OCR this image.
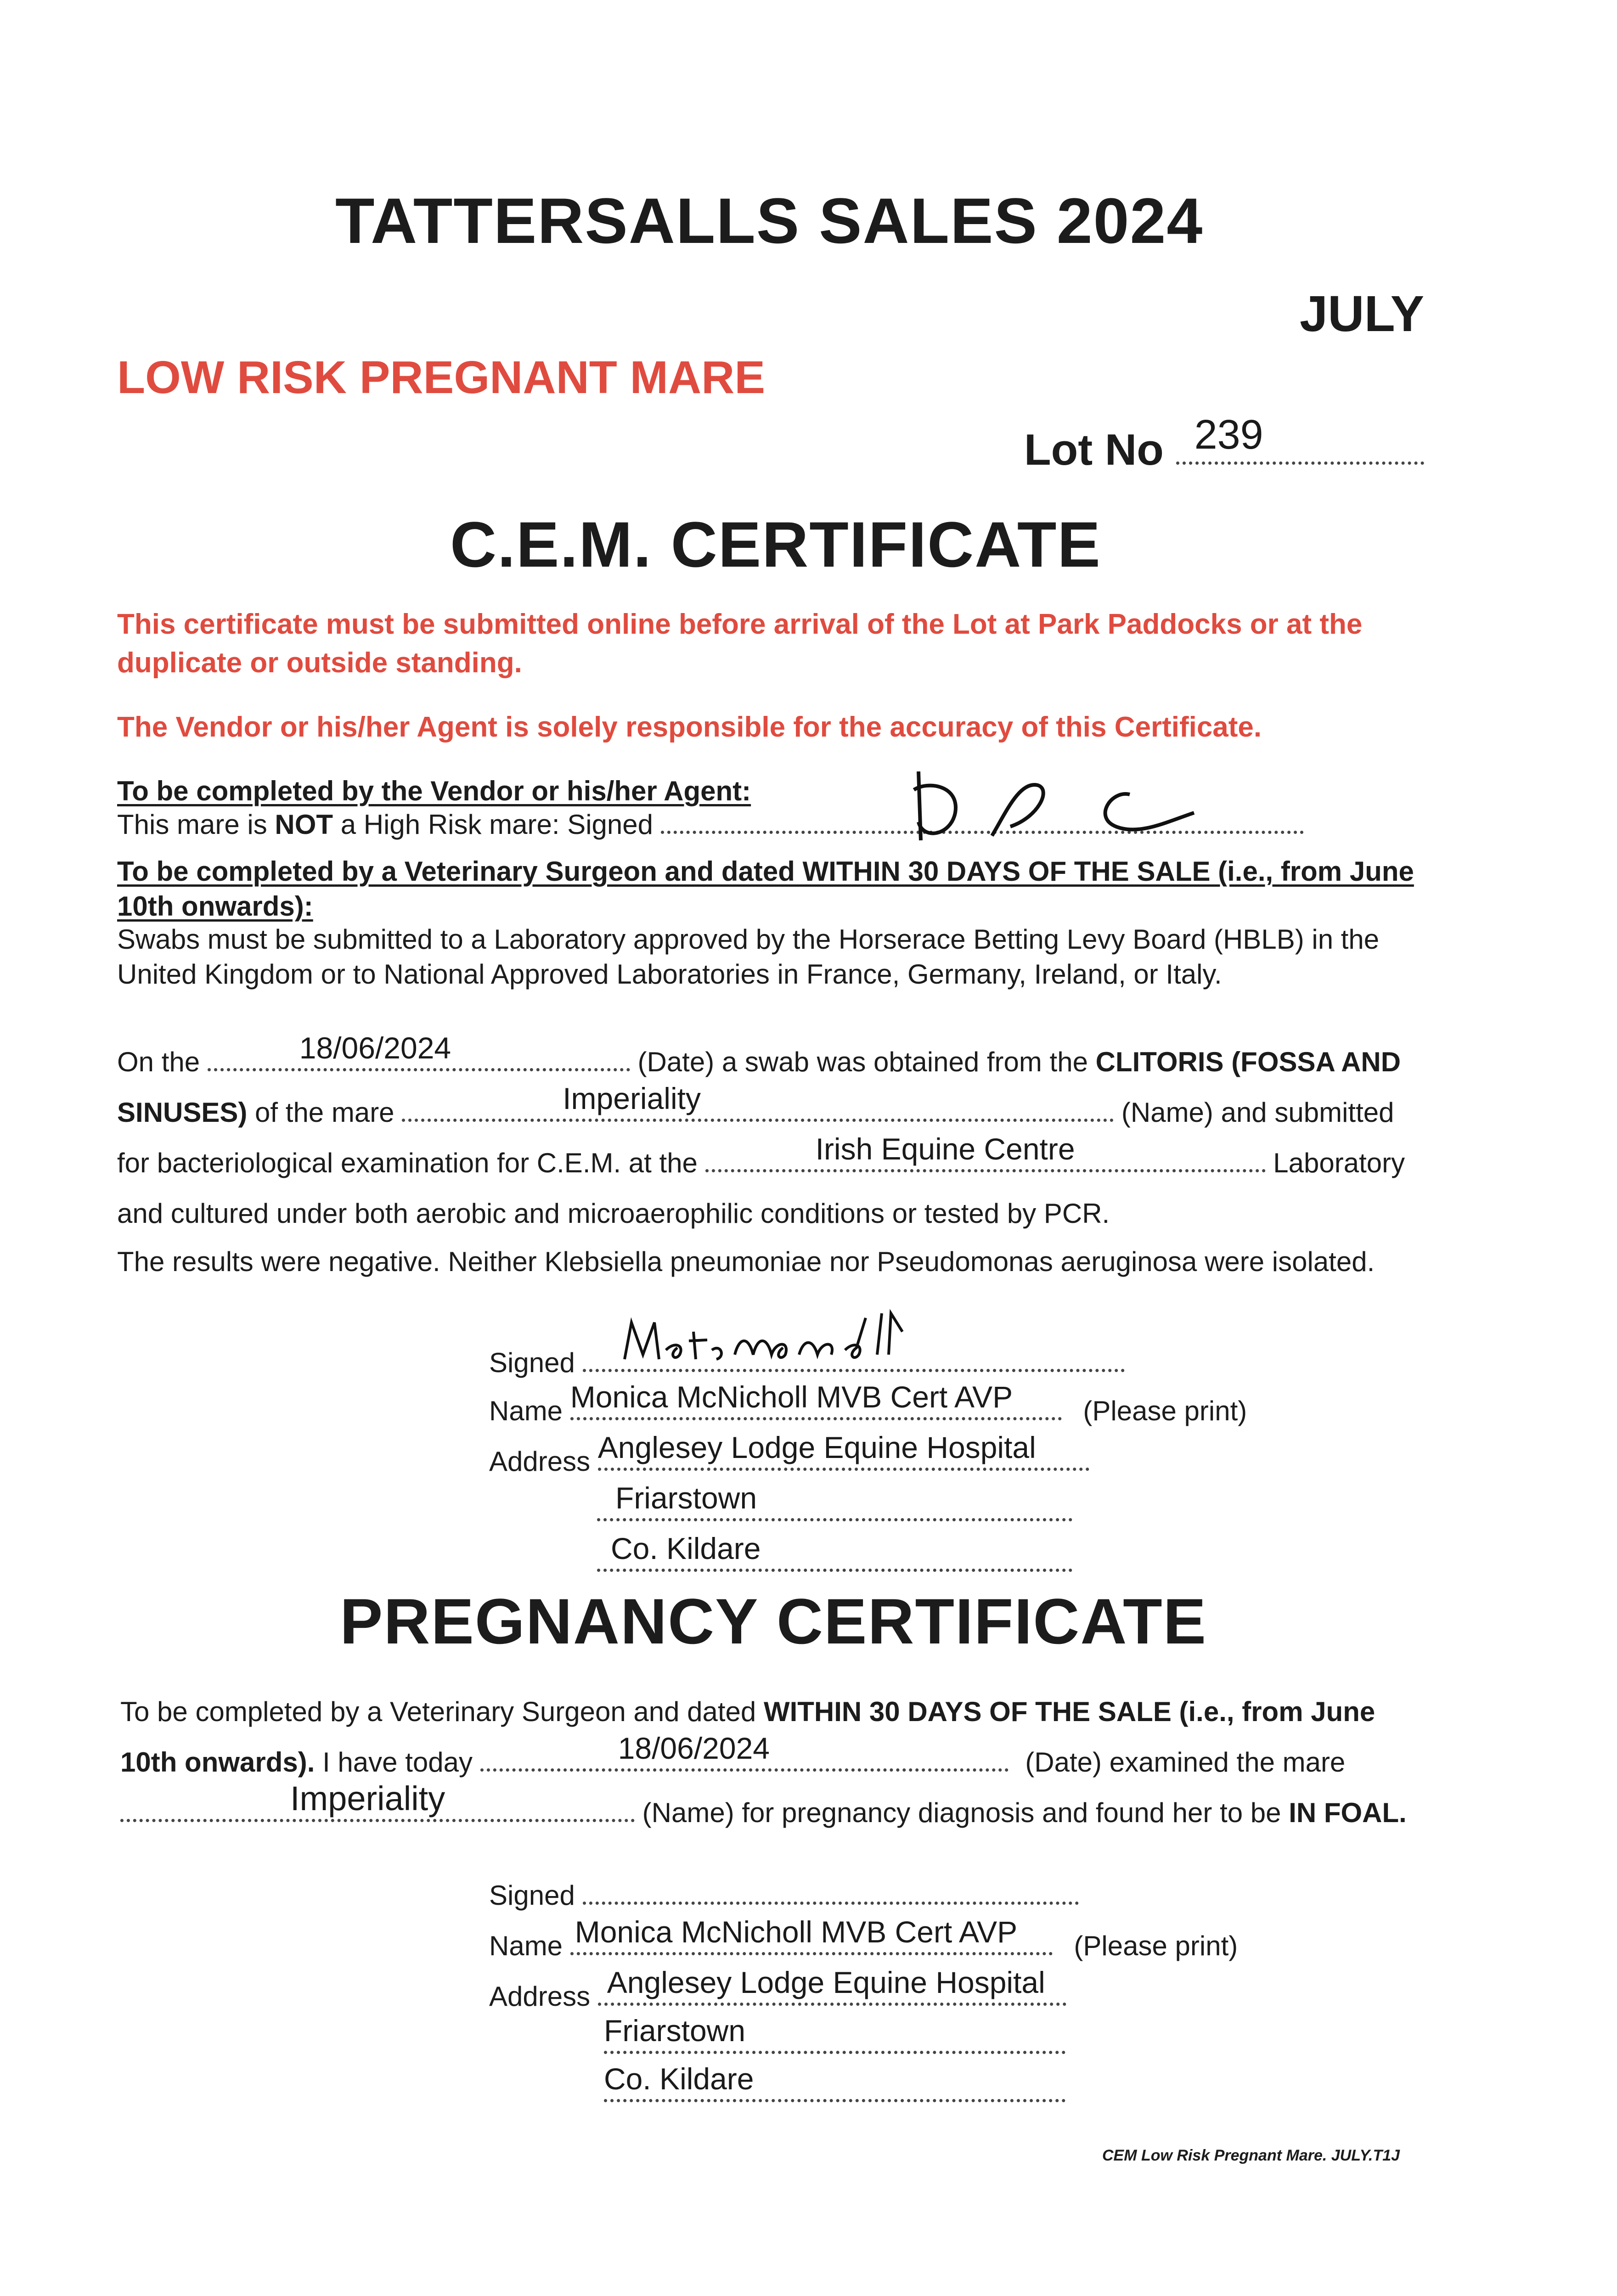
TATTERSALLS SALES 2024
JULY
LOW RISK PREGNANT MARE
Lot No 239
C.E.M. CERTIFICATE
This certificate must be submitted online before arrival of the Lot at Park Paddocks or at the duplicate or outside standing.
The Vendor or his/her Agent is solely responsible for the accuracy of this Certificate.
To be completed by the Vendor or his/her Agent:
This mare is NOT a High Risk mare: Signed
To be completed by a Veterinary Surgeon and dated WITHIN 30 DAYS OF THE SALE (i.e., from June 10th onwards):
Swabs must be submitted to a Laboratory approved by the Horserace Betting Levy Board (HBLB) in the United Kingdom or to National Approved Laboratories in France, Germany, Ireland, or Italy.
On the	18/06/2024	(Date) a swab was obtained from the CLITORIS (FOSSA AND
SINUSES) of the mare	Imperiality	(Name) and submitted
for bacteriological examination for C.E.M. at the	Irish Equine Centre	Laboratory
and cultured under both aerobic and microaerophilic conditions or tested by PCR.
The results were negative. Neither Klebsiella pneumoniae nor Pseudomonas aeruginosa were isolated.
Signed
Name Monica McNicholl MVB Cert AVP	(Please print)
Address Anglesey Lodge Equine Hospital
Friarstown
Co. Kildare
PREGNANCY CERTIFICATE
To be completed by a Veterinary Surgeon and dated WITHIN 30 DAYS OF THE SALE (i.e., from June
10th onwards). I have today	18/06/2024	(Date) examined the mare
Imperiality	(Name) for pregnancy diagnosis and found her to be IN FOAL.
Signed
Name Monica McNicholl MVB Cert AVP	(Please print)
Address Anglesey Lodge Equine Hospital
Friarstown
Co. Kildare
CEM Low Risk Pregnant Mare. JULY.T1J
